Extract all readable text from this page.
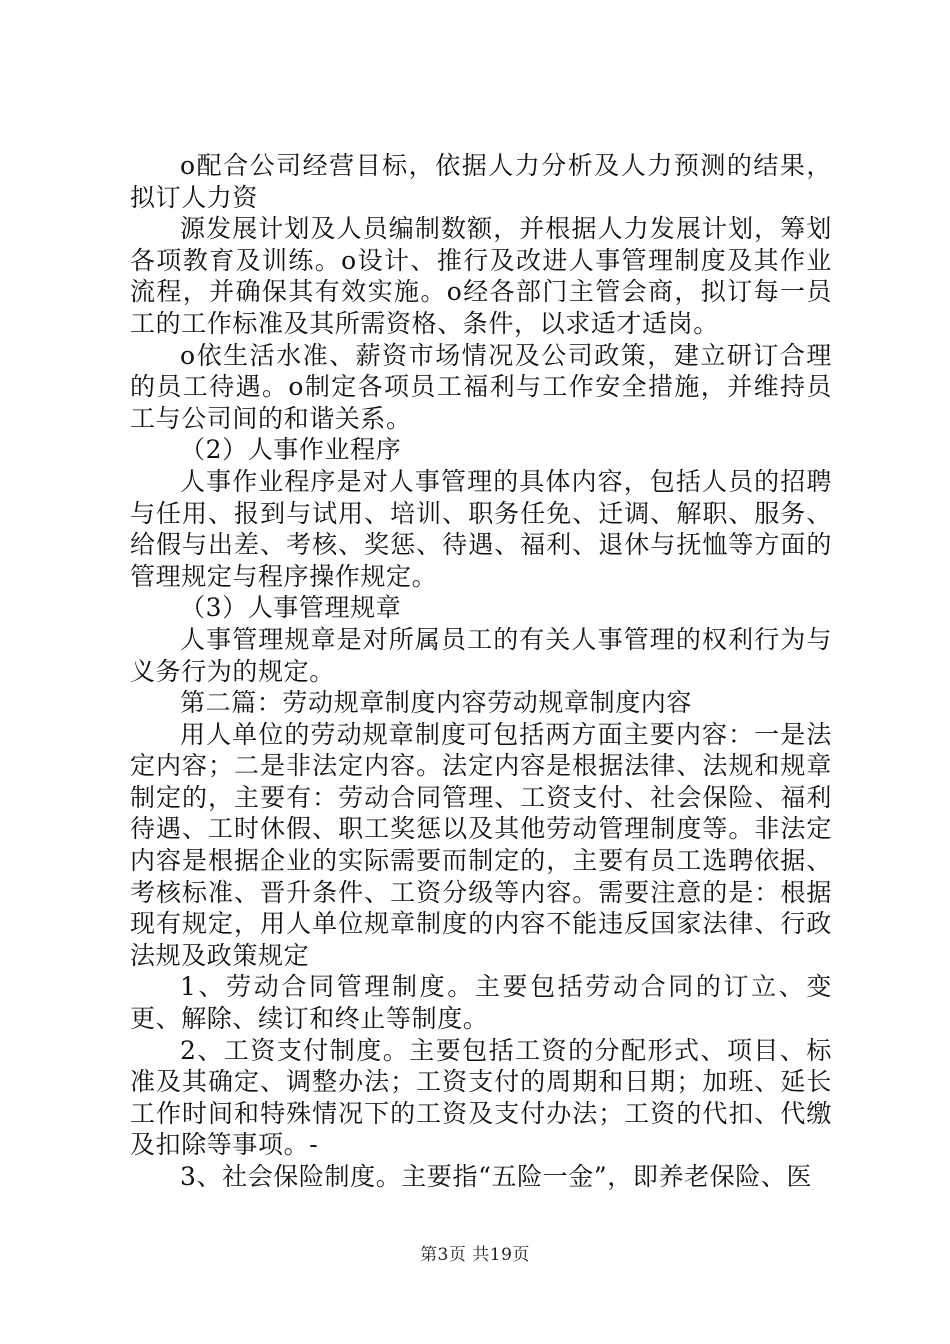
o配合公司经营目标，依据人力分析及人力预测的结果，拟订人力资

源发展计划及人员编制数额，并根据人力发展计划，筹划各项教育及训练。o设计、推行及改进人事管理制度及其作业流程，并确保其有效实施。o经各部门主管会商，拟订每一员工的工作标准及其所需资格、条件，以求适才适岗。

o依生活水准、薪资市场情况及公司政策，建立研订合理的员工待遇。o制定各项员工福利与工作安全措施，并维持员工与公司间的和谐关系。

（2）人事作业程序

人事作业程序是对人事管理的具体内容，包括人员的招聘与任用、报到与试用、培训、职务任免、迁调、解职、服务、给假与出差、考核、奖惩、待遇、福利、退休与抚恤等方面的管理规定与程序操作规定。

（3）人事管理规章

人事管理规章是对所属员工的有关人事管理的权利行为与义务行为的规定。

第二篇：劳动规章制度内容劳动规章制度内容

用人单位的劳动规章制度可包括两方面主要内容：一是法定内容；二是非法定内容。法定内容是根据法律、法规和规章制定的，主要有：劳动合同管理、工资支付、社会保险、福利待遇、工时休假、职工奖惩以及其他劳动管理制度等。非法定内容是根据企业的实际需要而制定的，主要有员工选聘依据、考核标准、晋升条件、工资分级等内容。需要注意的是：根据现有规定，用人单位规章制度的内容不能违反国家法律、行政法规及政策规定

1、劳动合同管理制度。主要包括劳动合同的订立、变更、解除、续订和终止等制度。

2、工资支付制度。主要包括工资的分配形式、项目、标准及其确定、调整办法；工资支付的周期和日期；加班、延长工作时间和特殊情况下的工资及支付办法；工资的代扣、代缴及扣除等事项。-

3、社会保险制度。主要指“五险一金”，即养老保险、医

第3页 共19页
